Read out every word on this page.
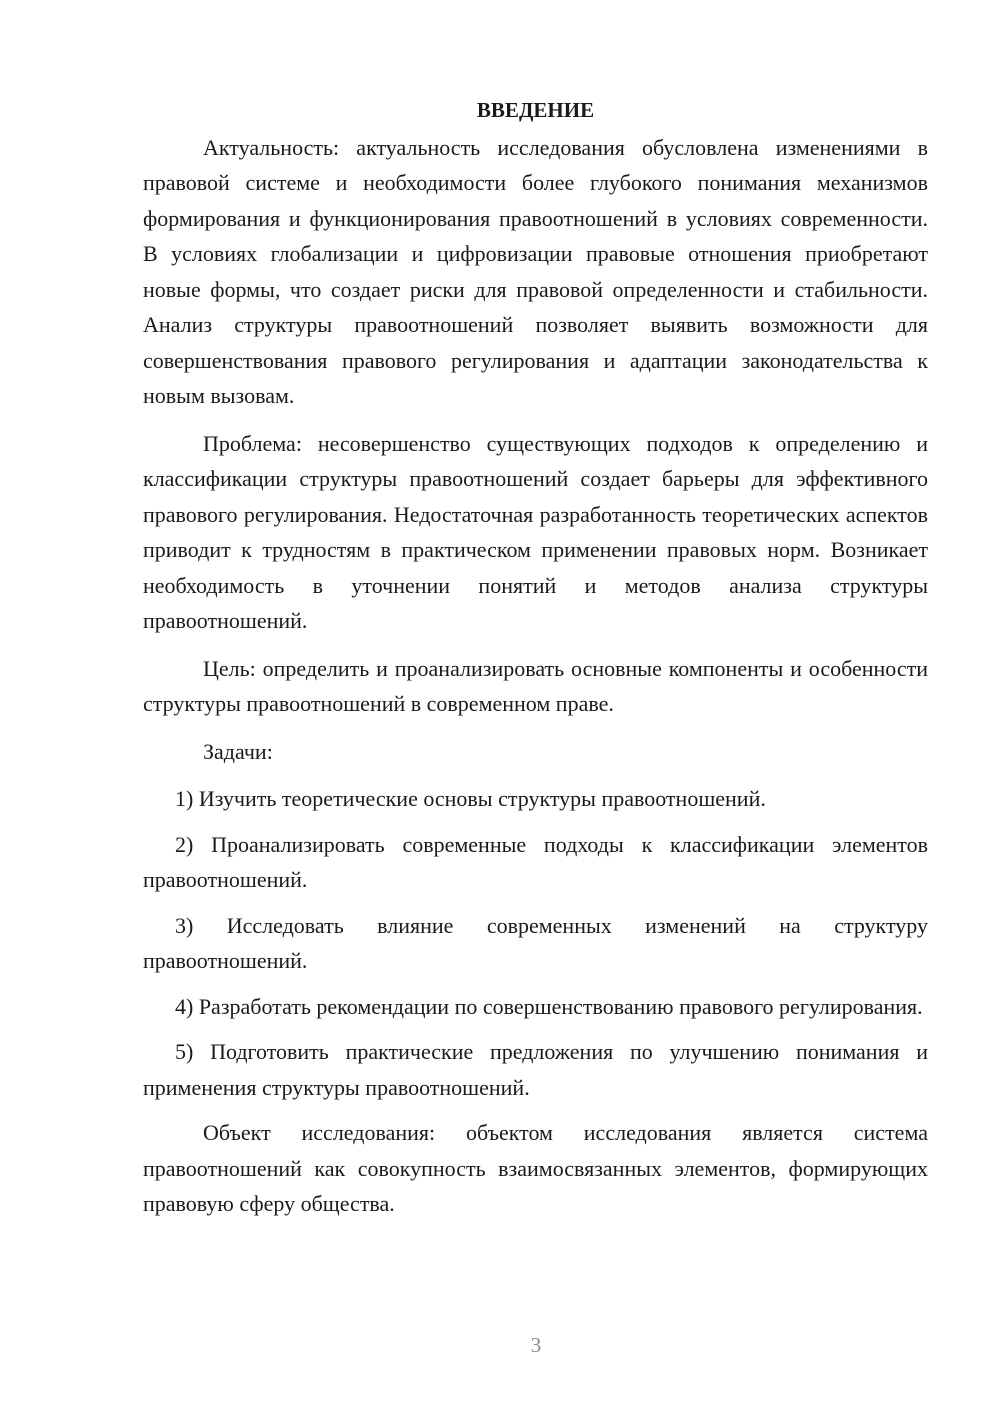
ВВЕДЕНИЕ

Актуальность: актуальность исследования обусловлена изменениями в правовой системе и необходимости более глубокого понимания механизмов формирования и функционирования правоотношений в условиях современности. В условиях глобализации и цифровизации правовые отношения приобретают новые формы, что создает риски для правовой определенности и стабильности. Анализ структуры правоотношений позволяет выявить возможности для совершенствования правового регулирования и адаптации законодательства к новым вызовам.

Проблема: несовершенство существующих подходов к определению и классификации структуры правоотношений создает барьеры для эффективного правового регулирования. Недостаточная разработанность теоретических аспектов приводит к трудностям в практическом применении правовых норм. Возникает необходимость в уточнении понятий и методов анализа структуры правоотношений.

Цель: определить и проанализировать основные компоненты и особенности структуры правоотношений в современном праве.

Задачи:

1) Изучить теоретические основы структуры правоотношений.

2) Проанализировать современные подходы к классификации элементов правоотношений.

3) Исследовать влияние современных изменений на структуру правоотношений.

4) Разработать рекомендации по совершенствованию правового регулирования.

5) Подготовить практические предложения по улучшению понимания и применения структуры правоотношений.

Объект исследования: объектом исследования является система правоотношений как совокупность взаимосвязанных элементов, формирующих правовую сферу общества.

3
